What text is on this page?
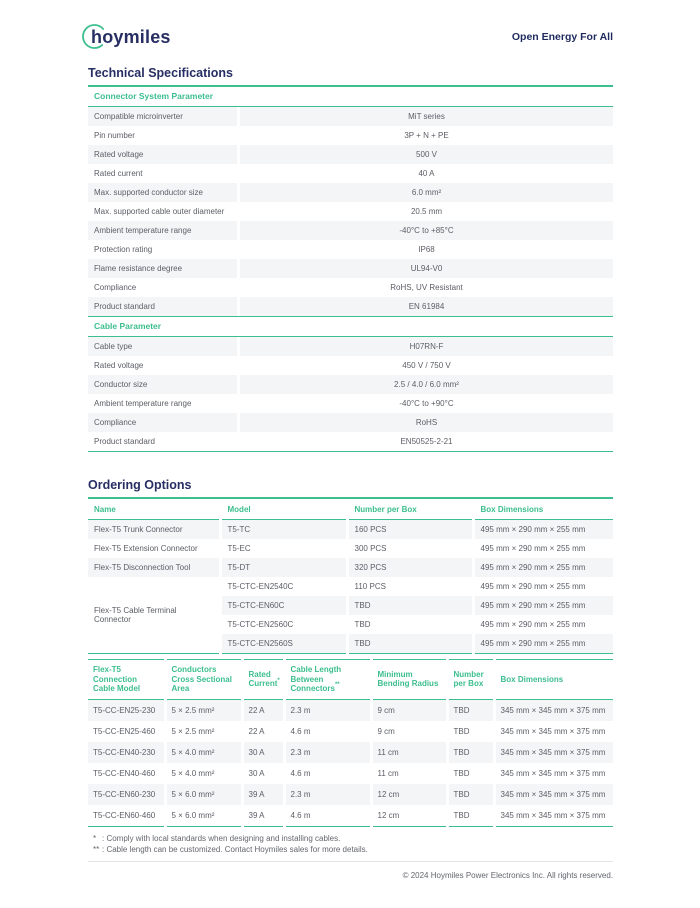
hoymiles	Open Energy For All
Technical Specifications
Connector System Parameter
Compatible microinverter	MiT series
Pin number	3P + N + PE
Rated voltage	500 V
Rated current	40 A
Max. supported conductor size	6.0 mm²
Max. supported cable outer diameter	20.5 mm
Ambient temperature range	-40°C to +85°C
Protection rating	IP68
Flame resistance degree	UL94-V0
Compliance	RoHS, UV Resistant
Product standard	EN 61984
Cable Parameter
Cable type	H07RN-F
Rated voltage	450 V / 750 V
Conductor size	2.5 / 4.0 / 6.0 mm²
Ambient temperature range	-40°C to +90°C
Compliance	RoHS
Product standard	EN50525-2-21
Ordering Options
Name	Model	Number per Box	Box Dimensions
Flex-T5 Trunk Connector	T5-TC	160 PCS	495 mm × 290 mm × 255 mm
Flex-T5 Extension Connector	T5-EC	300 PCS	495 mm × 290 mm × 255 mm
Flex-T5 Disconnection Tool	T5-DT	320 PCS	495 mm × 290 mm × 255 mm
Flex-T5 Cable Terminal Connector	T5-CTC-EN2540C	110 PCS	495 mm × 290 mm × 255 mm
	T5-CTC-EN60C	TBD	495 mm × 290 mm × 255 mm
	T5-CTC-EN2560C	TBD	495 mm × 290 mm × 255 mm
	T5-CTC-EN2560S	TBD	495 mm × 290 mm × 255 mm
Flex-T5 Connection Cable Model	Conductors Cross Sectional Area	Rated Current*	Cable Length Between Connectors**	Minimum Bending Radius	Number per Box	Box Dimensions
T5-CC-EN25-230	5 × 2.5 mm²	22 A	2.3 m	9 cm	TBD	345 mm × 345 mm × 375 mm
T5-CC-EN25-460	5 × 2.5 mm²	22 A	4.6 m	9 cm	TBD	345 mm × 345 mm × 375 mm
T5-CC-EN40-230	5 × 4.0 mm²	30 A	2.3 m	11 cm	TBD	345 mm × 345 mm × 375 mm
T5-CC-EN40-460	5 × 4.0 mm²	30 A	4.6 m	11 cm	TBD	345 mm × 345 mm × 375 mm
T5-CC-EN60-230	5 × 6.0 mm²	39 A	2.3 m	12 cm	TBD	345 mm × 345 mm × 375 mm
T5-CC-EN60-460	5 × 6.0 mm²	39 A	4.6 m	12 cm	TBD	345 mm × 345 mm × 375 mm
* : Comply with local standards when designing and installing cables.
** : Cable length can be customized. Contact Hoymiles sales for more details.
© 2024 Hoymiles Power Electronics Inc. All rights reserved.
